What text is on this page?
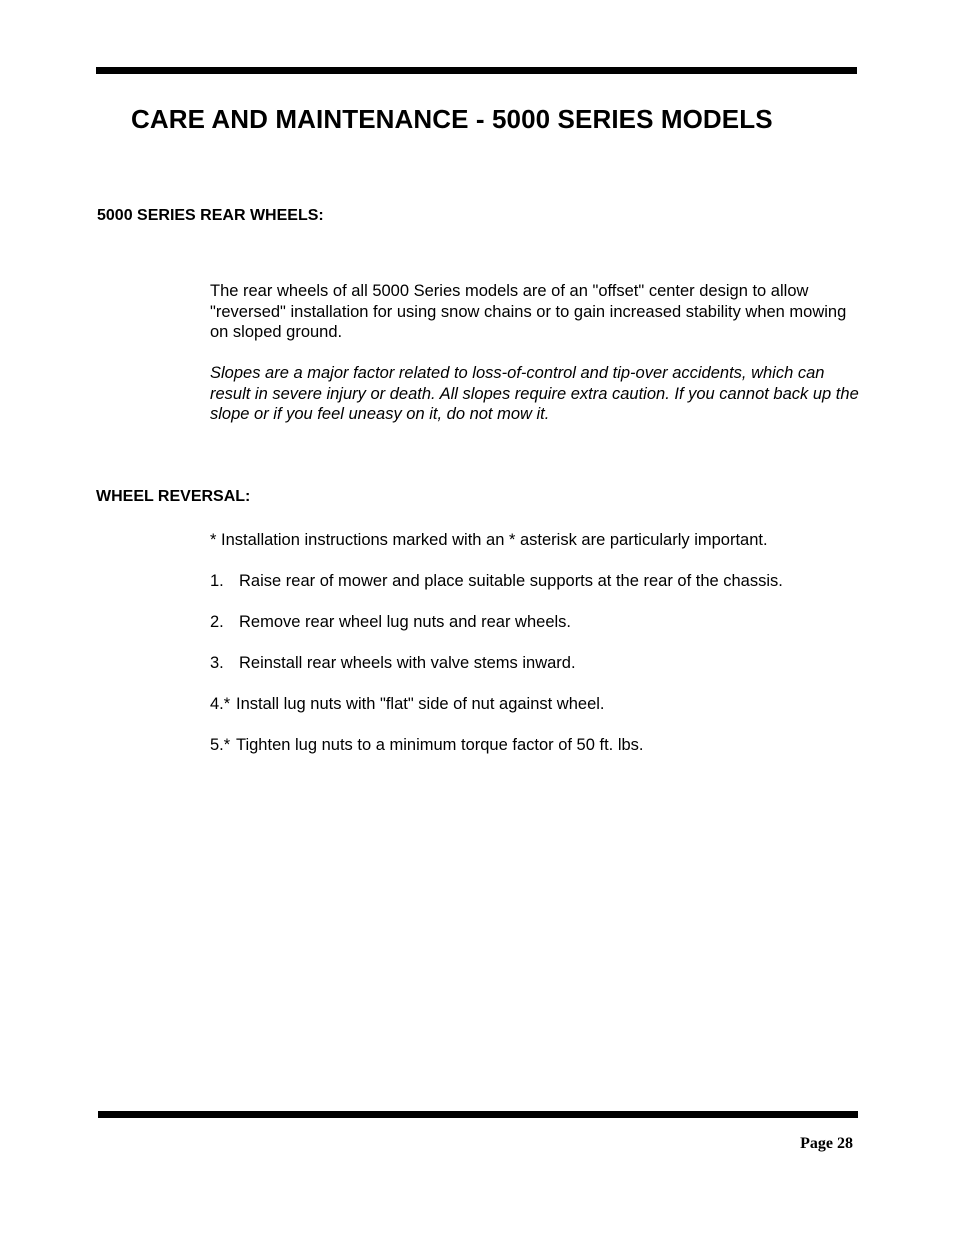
CARE AND MAINTENANCE - 5000 SERIES MODELS
5000 SERIES REAR WHEELS:

The rear wheels of all 5000 Series models are of an "offset" center design to allow "reversed" installation for using snow chains or to gain increased stability when mowing on sloped ground.

Slopes are a major factor related to loss-of-control and tip-over accidents, which can result in severe injury or death. All slopes require extra caution. If you cannot back up the slope or if you feel uneasy on it, do not mow it.

WHEEL REVERSAL:

* Installation instructions marked with an * asterisk are particularly important.

1. Raise rear of mower and place suitable supports at the rear of the chassis.
2. Remove rear wheel lug nuts and rear wheels.
3. Reinstall rear wheels with valve stems inward.
4.* Install lug nuts with "flat" side of nut against wheel.
5.* Tighten lug nuts to a minimum torque factor of 50 ft. lbs.

Page 28
